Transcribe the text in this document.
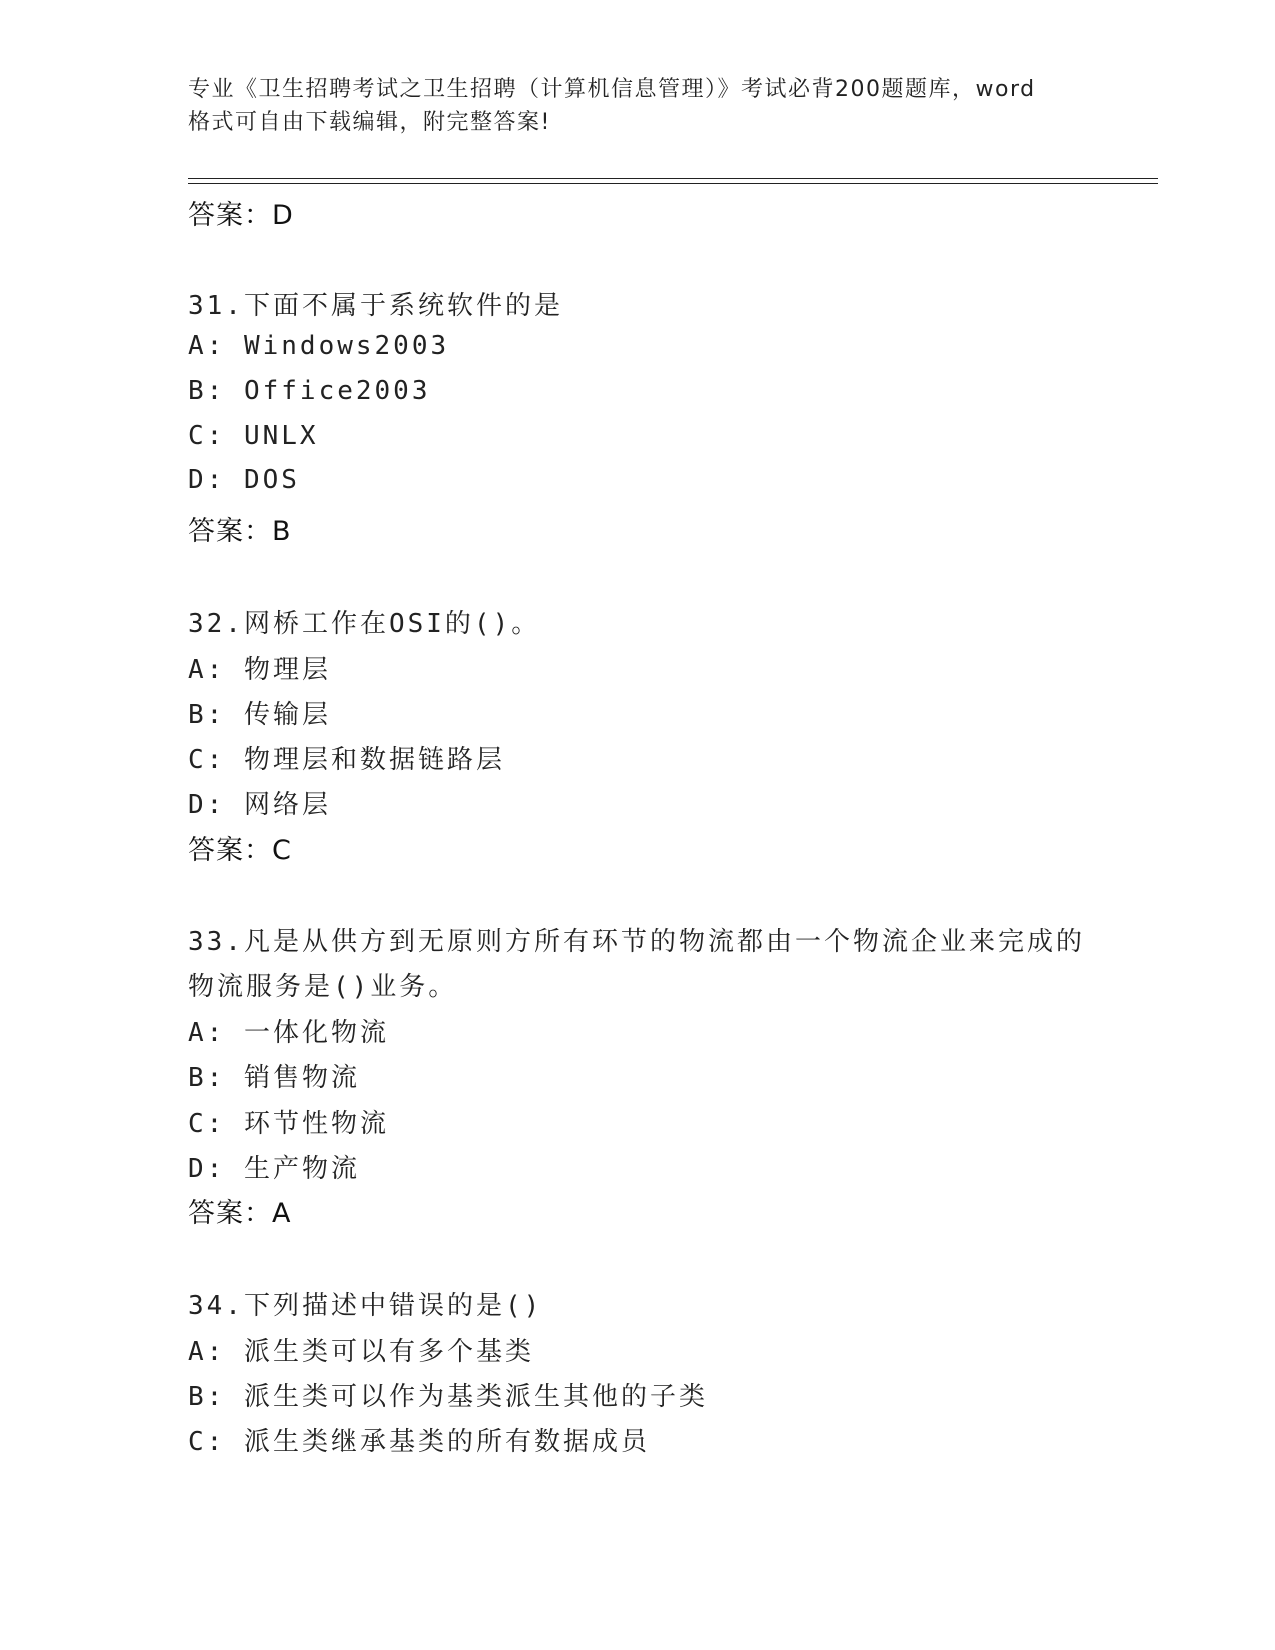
专业《卫生招聘考试之卫生招聘（计算机信息管理）》考试必背200题题库，word
格式可自由下载编辑，附完整答案!
答案：D
31.下面不属于系统软件的是
A: Windows2003
B: Office2003
C: UNLX
D: DOS
答案：B
32.网桥工作在OSI的()。
A: 物理层
B: 传输层
C: 物理层和数据链路层
D: 网络层
答案：C
33.凡是从供方到无原则方所有环节的物流都由一个物流企业来完成的
物流服务是()业务。
A: 一体化物流
B: 销售物流
C: 环节性物流
D: 生产物流
答案：A
34.下列描述中错误的是()
A: 派生类可以有多个基类
B: 派生类可以作为基类派生其他的子类
C: 派生类继承基类的所有数据成员
